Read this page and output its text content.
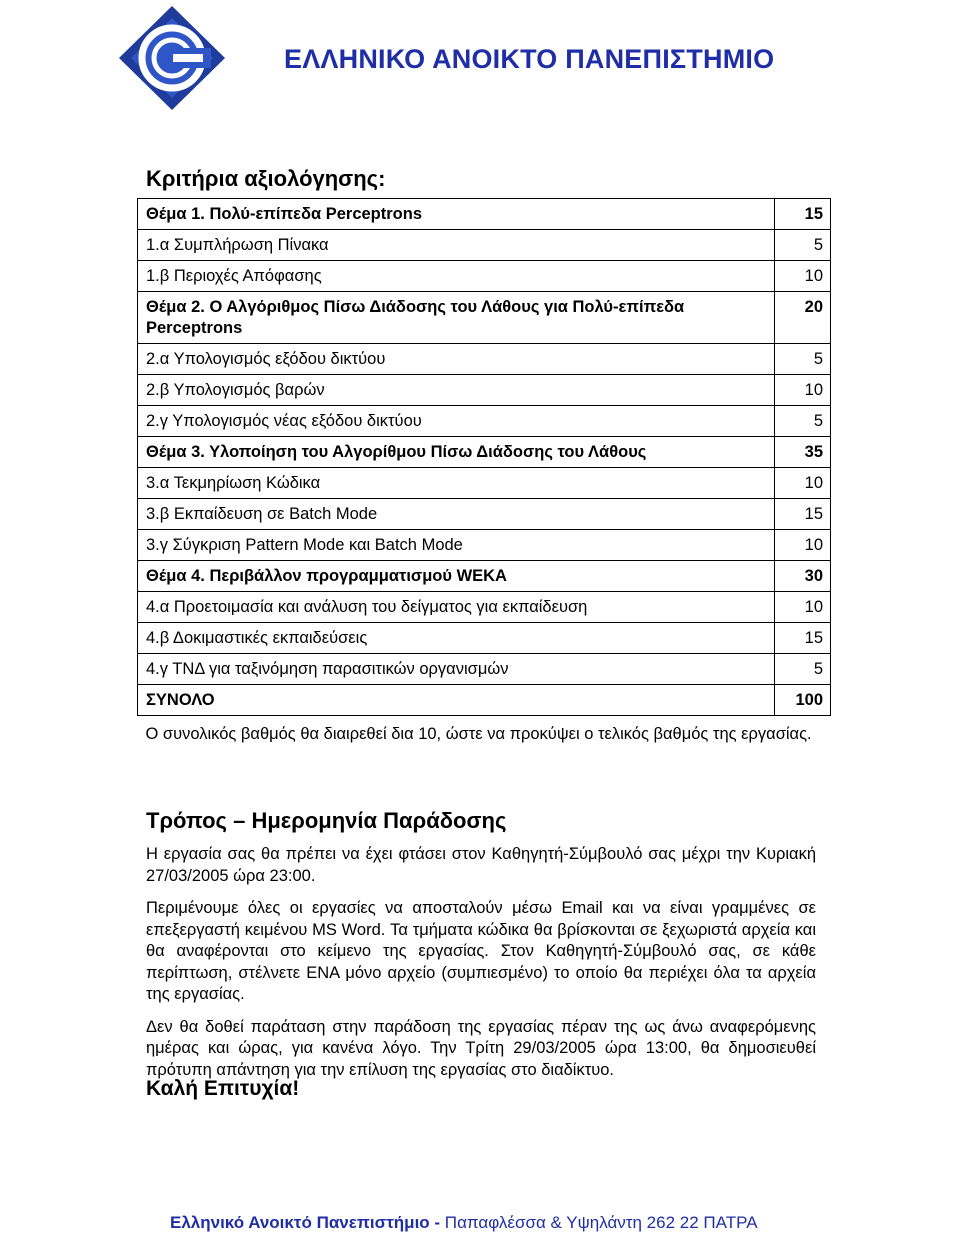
ΕΛΛΗΝΙΚΟ ΑΝΟΙΚΤΟ ΠΑΝΕΠΙΣΤΗΜΙΟ
Κριτήρια αξιολόγησης:
Θέμα 1. Πολύ-επίπεδα Perceptrons	15
1.α Συμπλήρωση Πίνακα	5
1.β Περιοχές Απόφασης	10
Θέμα 2. Ο Αλγόριθμος Πίσω Διάδοσης του Λάθους για Πολύ-επίπεδα Perceptrons	20
2.α Υπολογισμός εξόδου δικτύου	5
2.β Υπολογισμός βαρών	10
2.γ Υπολογισμός νέας εξόδου δικτύου	5
Θέμα 3. Υλοποίηση του Αλγορίθμου Πίσω Διάδοσης του Λάθους	35
3.α Τεκμηρίωση Κώδικα	10
3.β Εκπαίδευση σε Batch Mode	15
3.γ Σύγκριση Pattern Mode και Batch Mode	10
Θέμα 4. Περιβάλλον προγραμματισμού WEKA	30
4.α Προετοιμασία και ανάλυση του δείγματος για εκπαίδευση	10
4.β Δοκιμαστικές εκπαιδεύσεις	15
4.γ ΤΝΔ για ταξινόμηση παρασιτικών οργανισμών	5
ΣΥΝΟΛΟ	100
Ο συνολικός βαθμός θα διαιρεθεί δια 10, ώστε να προκύψει ο τελικός βαθμός της εργασίας.	
Τρόπος – Ημερομηνία Παράδοσης

Η εργασία σας θα πρέπει να έχει φτάσει στον Καθηγητή-Σύμβουλό σας μέχρι την Κυριακή 27/03/2005 ώρα 23:00.

Περιμένουμε όλες οι εργασίες να αποσταλούν μέσω Email και να είναι γραμμένες σε επεξεργαστή κειμένου MS Word. Τα τμήματα κώδικα θα βρίσκονται σε ξεχωριστά αρχεία και θα αναφέρονται στο κείμενο της εργασίας. Στον Καθηγητή-Σύμβουλό σας, σε κάθε περίπτωση, στέλνετε ΕΝΑ μόνο αρχείο (συμπιεσμένο) το οποίο θα περιέχει όλα τα αρχεία της εργασίας.

Δεν θα δοθεί παράταση στην παράδοση της εργασίας πέραν της ως άνω αναφερόμενης ημέρας και ώρας, για κανένα λόγο. Την Τρίτη 29/03/2005 ώρα 13:00, θα δημοσιευθεί πρότυπη απάντηση για την επίλυση της εργασίας στο διαδίκτυο.

Καλή Επιτυχία!
Ελληνικό Ανοικτό Πανεπιστήμιο - Παπαφλέσσα & Υψηλάντη 262 22 ΠΑΤΡΑ
